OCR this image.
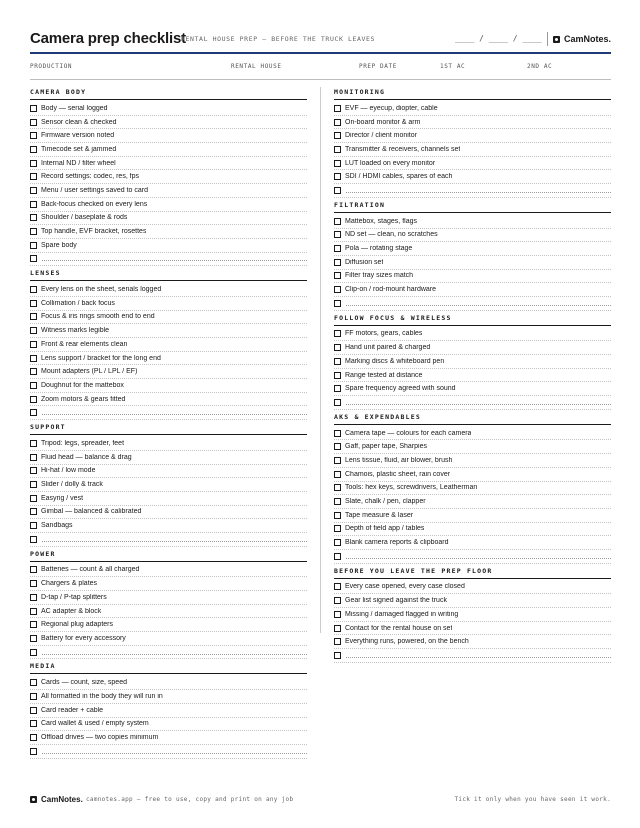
Camera prep checklist
RENTAL HOUSE PREP — BEFORE THE TRUCK LEAVES	____ / ____ / ____ CamNotes.
PRODUCTION	RENTAL HOUSE	PREP DATE	1ST AC	2ND AC
CAMERA BODY
Body — serial logged
Sensor clean & checked
Firmware version noted
Timecode set & jammed
Internal ND / filter wheel
Record settings: codec, res, fps
Menu / user settings saved to card
Back-focus checked on every lens
Shoulder / baseplate & rods
Top handle, EVF bracket, rosettes
Spare body
LENSES
Every lens on the sheet, serials logged
Collimation / back focus
Focus & iris rings smooth end to end
Witness marks legible
Front & rear elements clean
Lens support / bracket for the long end
Mount adapters (PL / LPL / EF)
Doughnut for the mattebox
Zoom motors & gears fitted
SUPPORT
Tripod: legs, spreader, feet
Fluid head — balance & drag
Hi-hat / low mode
Slider / dolly & track
Easyrig / vest
Gimbal — balanced & calibrated
Sandbags
POWER
Batteries — count & all charged
Chargers & plates
D-tap / P-tap splitters
AC adapter & block
Regional plug adapters
Battery for every accessory
MEDIA
Cards — count, size, speed
All formatted in the body they will run in
Card reader + cable
Card wallet & used / empty system
Offload drives — two copies minimum
MONITORING
EVF — eyecup, diopter, cable
On-board monitor & arm
Director / client monitor
Transmitter & receivers, channels set
LUT loaded on every monitor
SDI / HDMI cables, spares of each
FILTRATION
Mattebox, stages, flags
ND set — clean, no scratches
Pola — rotating stage
Diffusion set
Filter tray sizes match
Clip-on / rod-mount hardware
FOLLOW FOCUS & WIRELESS
FF motors, gears, cables
Hand unit paired & charged
Marking discs & whiteboard pen
Range tested at distance
Spare frequency agreed with sound
AKS & EXPENDABLES
Camera tape — colours for each camera
Gaff, paper tape, Sharpies
Lens tissue, fluid, air blower, brush
Chamois, plastic sheet, rain cover
Tools: hex keys, screwdrivers, Leatherman
Slate, chalk / pen, clapper
Tape measure & laser
Depth of field app / tables
Blank camera reports & clipboard
BEFORE YOU LEAVE THE PREP FLOOR
Every case opened, every case closed
Gear list signed against the truck
Missing / damaged flagged in writing
Contact for the rental house on set
Everything runs, powered, on the bench
CamNotes. camnotes.app — free to use, copy and print on any job	Tick it only when you have seen it work.
